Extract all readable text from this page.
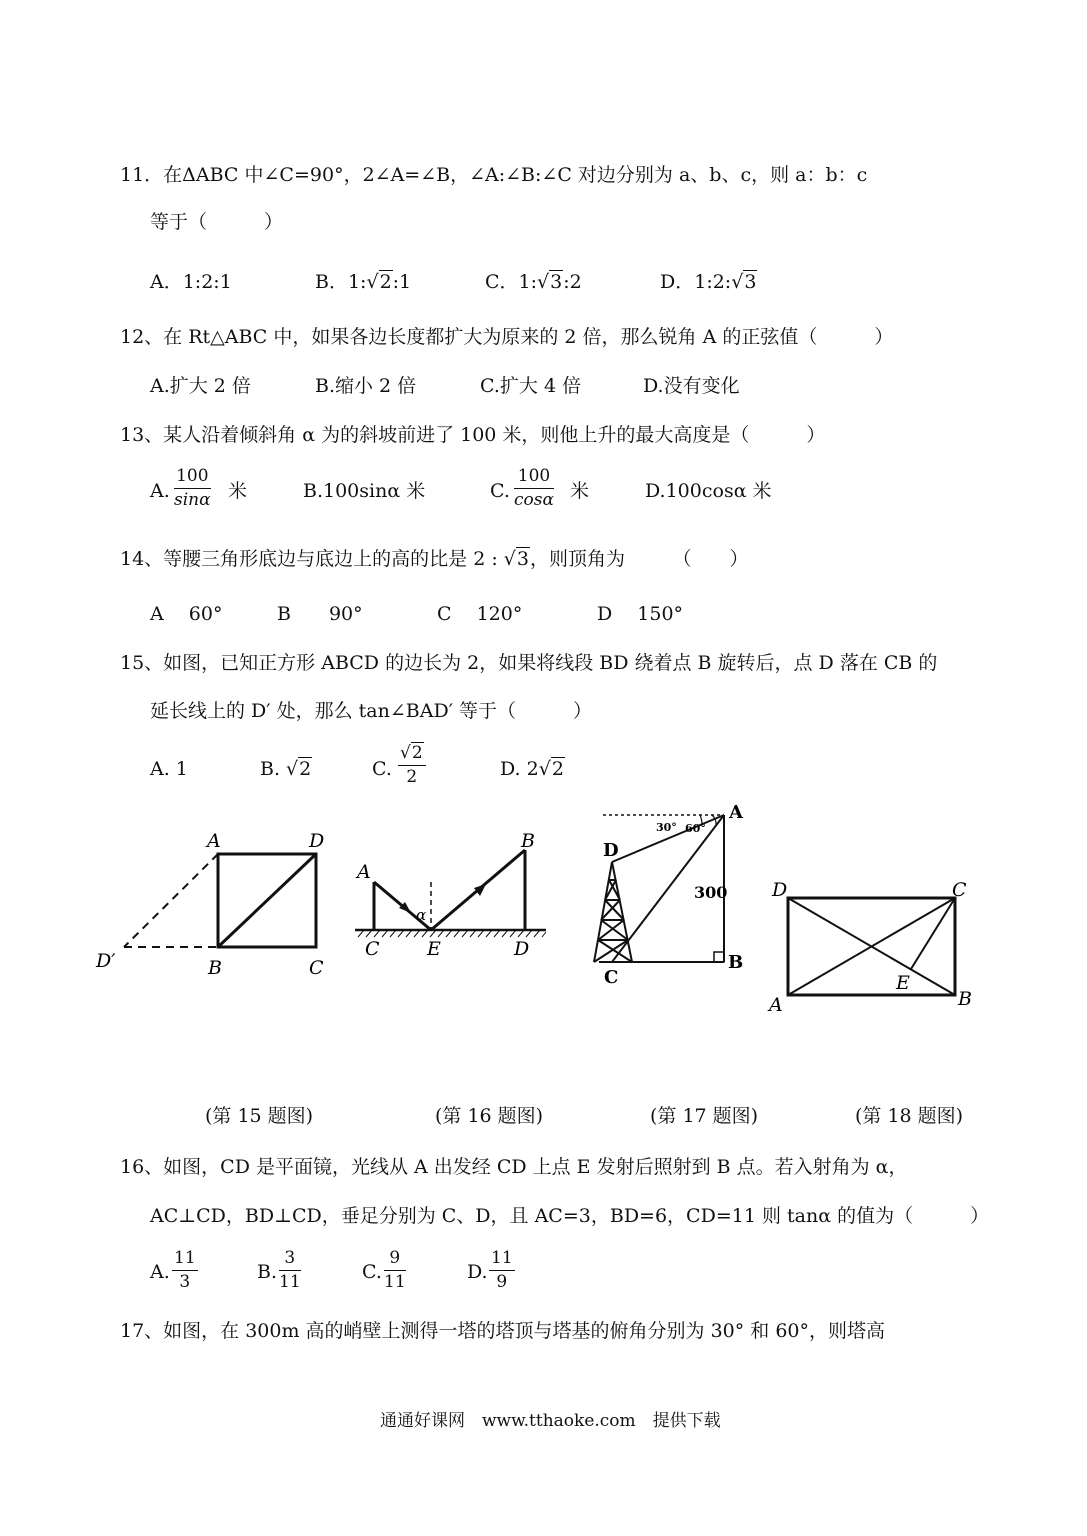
11．在ΔABC 中∠C=90°，2∠A=∠B，∠A:∠B:∠C 对边分别为 a、b、c，则 a：b：c
等于（　　　）
A．1:2:1	B．1:√2:1	C．1:√3:2	D．1:2:√3
12、在 Rt△ABC 中，如果各边长度都扩大为原来的 2 倍，那么锐角 A 的正弦值（　　　）
A.扩大 2 倍	B.缩小 2 倍	C.扩大 4 倍	D.没有变化
13、某人沿着倾斜角 α 为的斜坡前进了 100 米，则他上升的最大高度是（　　　）
A. $\frac{100}{\sin\alpha}$ 米	B.100sinα 米	C. $\frac{100}{\cos\alpha}$ 米	D.100cosα 米
14、等腰三角形底边与底边上的高的比是 2 : √3，则顶角为　　　（　　）
A　 60°	B　　90°	C　 120°	D　 150°
15、如图，已知正方形 ABCD 的边长为 2，如果将线段 BD 绕着点 B 旋转后，点 D 落在 CB 的
延长线上的 D′ 处，那么 tan∠BAD′ 等于（　　　）
A. 1	B. √2	C. $\frac{√2}{2}$	D. 2√2
A	D
B	C
D′
A
B
C E	D
α
A
B
C
D
300
30° 60°
D	C
A	B
E
(第 15 题图)	(第 16 题图)	(第 17 题图)	(第 18 题图)
16、如图，CD 是平面镜，光线从 A 出发经 CD 上点 E 发射后照射到 B 点。若入射角为 α，
AC⊥CD，BD⊥CD，垂足分别为 C、D，且 AC=3，BD=6，CD=11 则 tanα 的值为（　　　）
A. $\frac{11}{3}$	B. $\frac{3}{11}$	C. $\frac{9}{11}$	D. $\frac{11}{9}$
17、如图，在 300m 高的峭壁上测得一塔的塔顶与塔基的俯角分别为 30° 和 60°，则塔高
通通好课网　www.tthaoke.com　提供下载
